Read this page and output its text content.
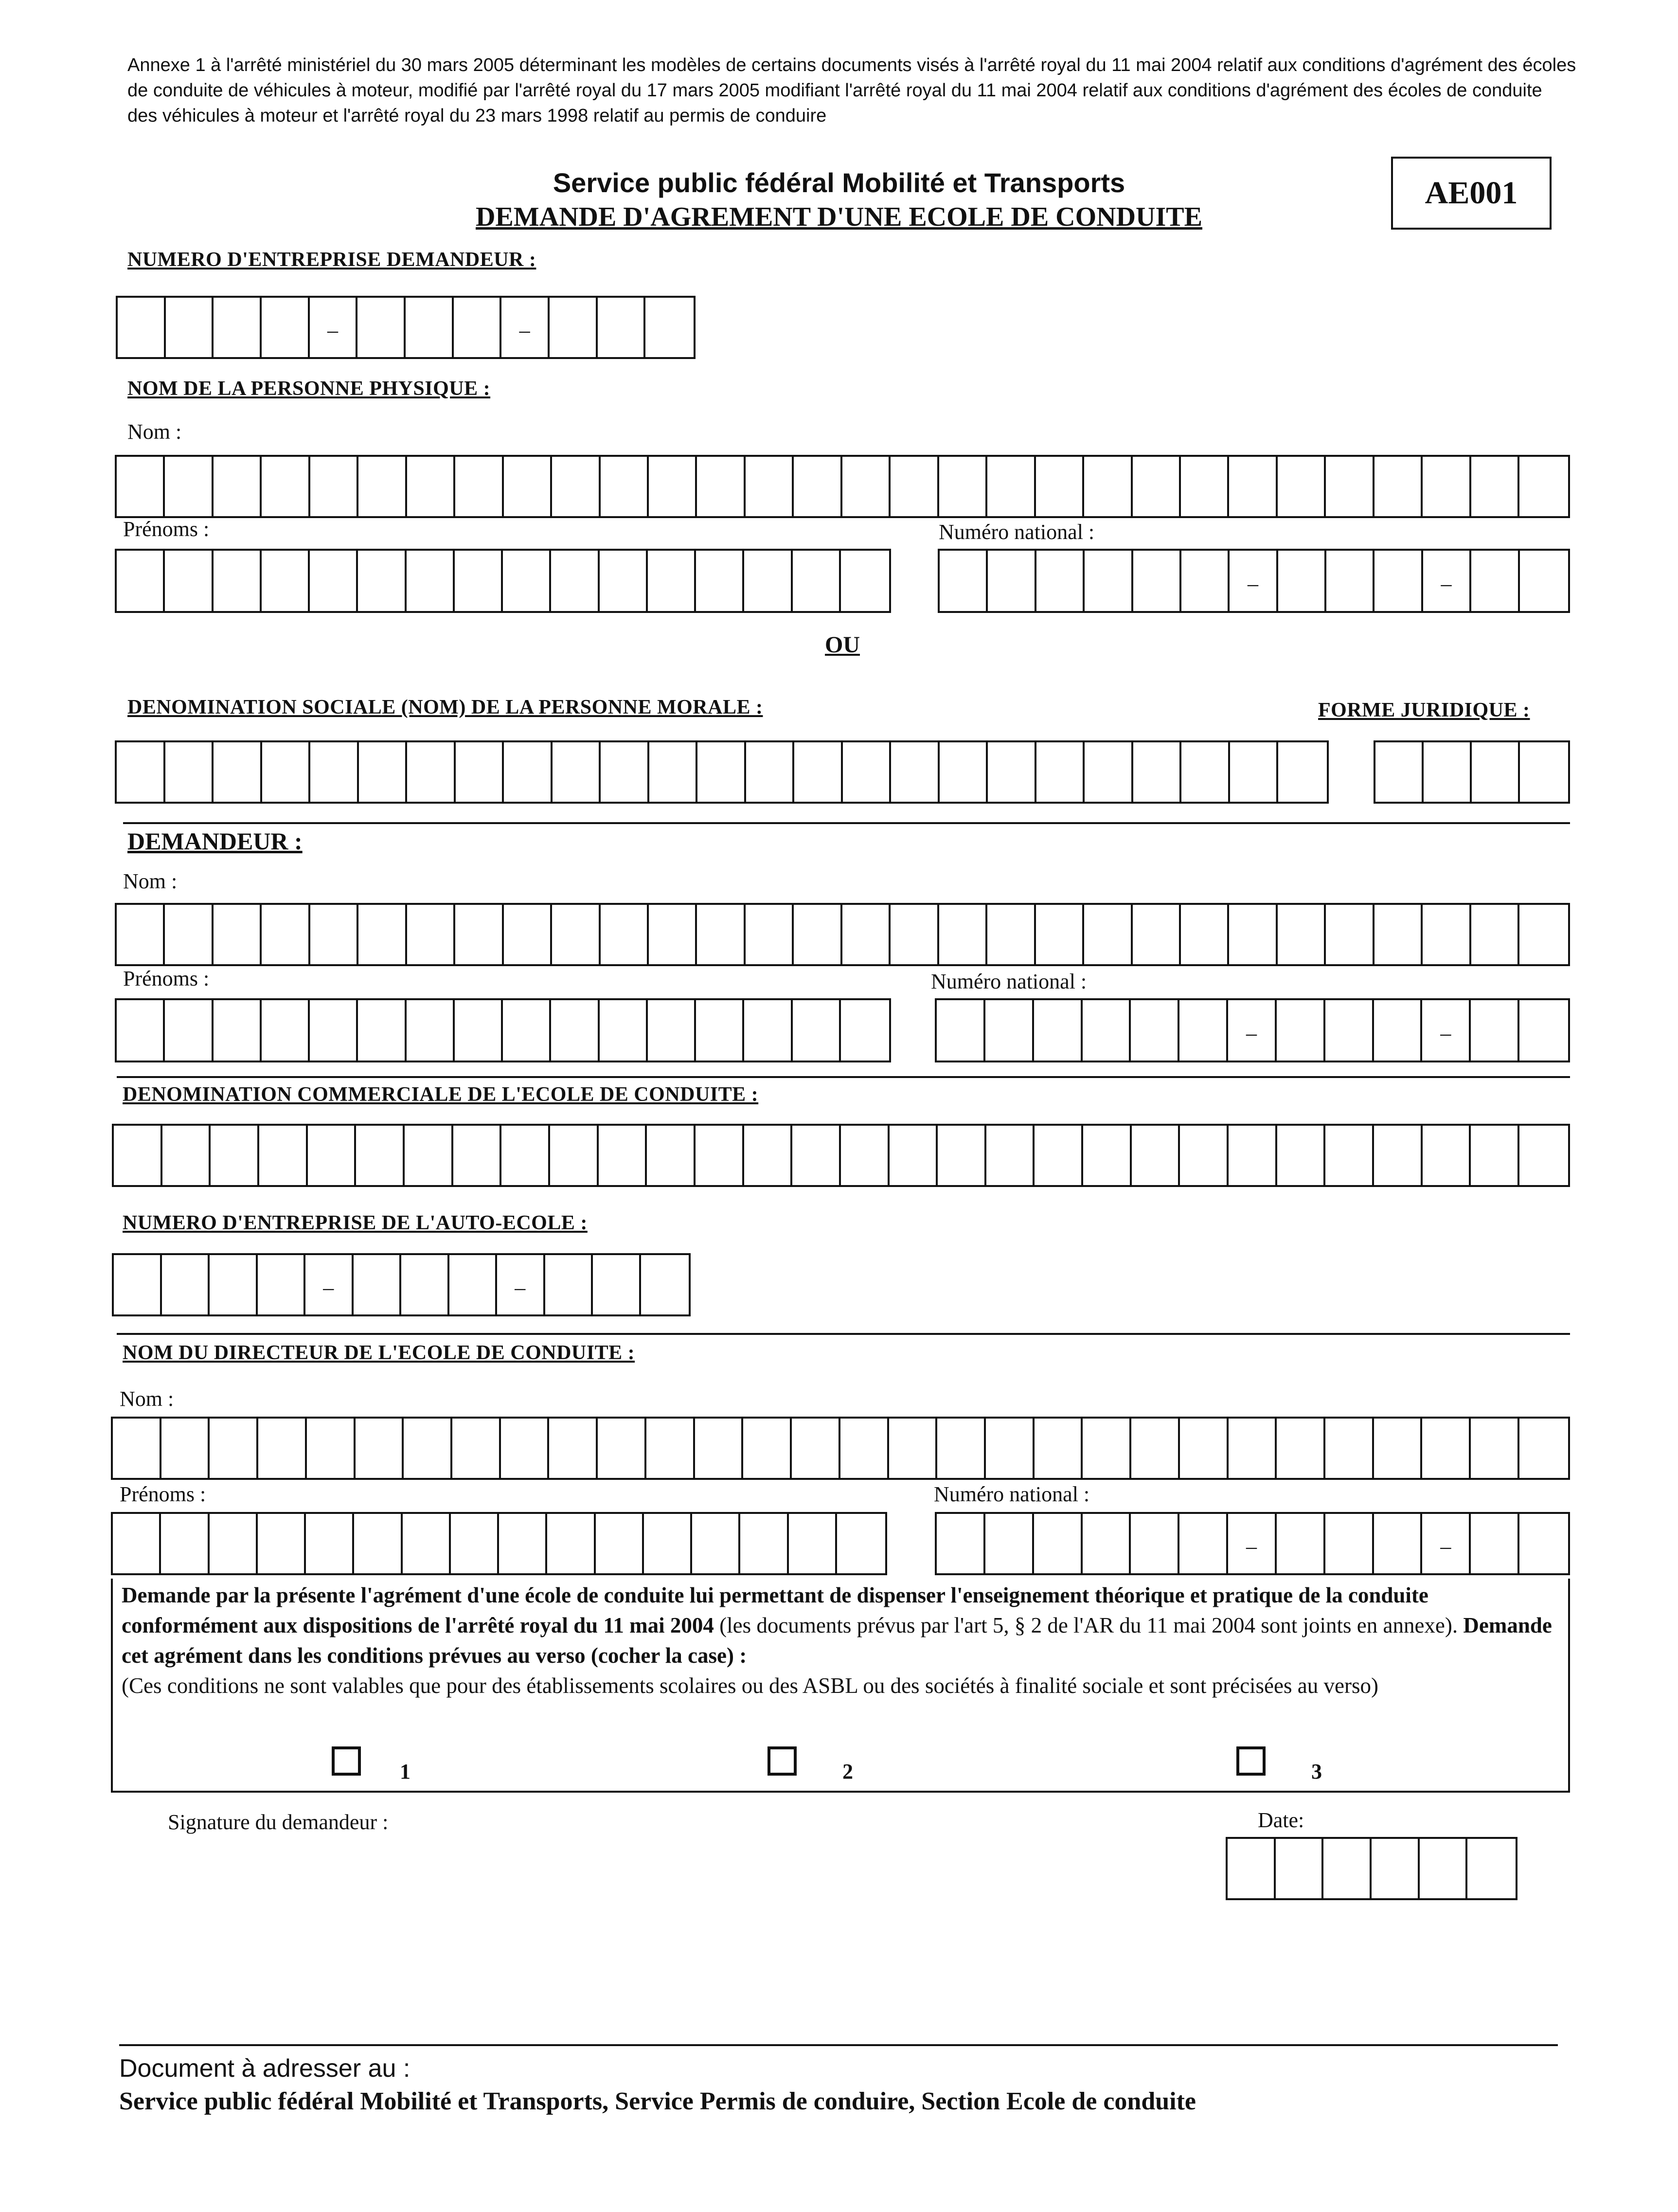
Annexe 1 à l'arrêté ministériel du 30 mars 2005 déterminant les modèles de certains documents visés à l'arrêté royal du 11 mai 2004 relatif aux conditions d'agrément des écoles de conduite de véhicules à moteur, modifié par l'arrêté royal du 17 mars 2005 modifiant l'arrêté royal du 11 mai 2004 relatif aux conditions d'agrément des écoles de conduite des véhicules à moteur et l'arrêté royal du 23 mars 1998 relatif au permis de conduire
Service public fédéral Mobilité et Transports
DEMANDE D'AGREMENT D'UNE ECOLE DE CONDUITE
AE001
NUMERO D'ENTREPRISE DEMANDEUR :
–
–
NOM DE LA PERSONNE PHYSIQUE :
Nom :
Prénoms :	Numéro national :
–
–
OU
DENOMINATION SOCIALE (NOM) DE LA PERSONNE MORALE :	FORME JURIDIQUE :
DEMANDEUR :
Nom :
Prénoms :	Numéro national :
–
–
DENOMINATION COMMERCIALE DE L'ECOLE DE CONDUITE :
NUMERO D'ENTREPRISE DE L'AUTO-ECOLE :
–
–
NOM DU DIRECTEUR DE L'ECOLE DE CONDUITE :
Nom :
Prénoms :	Numéro national :
–
–
Demande par la présente l'agrément d'une école de conduite lui permettant de dispenser l'enseignement théorique et pratique de la conduite conformément aux dispositions de l'arrêté royal du 11 mai 2004 (les documents prévus par l'art 5, § 2 de l'AR du 11 mai 2004 sont joints en annexe). Demande cet agrément dans les conditions prévues au verso (cocher la case) :
(Ces conditions ne sont valables que pour des établissements scolaires ou des ASBL ou des sociétés à finalité sociale et sont précisées au verso)
1	2	3
Signature du demandeur :	Date:
Document à adresser au :
Service public fédéral Mobilité et Transports, Service Permis de conduire, Section Ecole de conduite
